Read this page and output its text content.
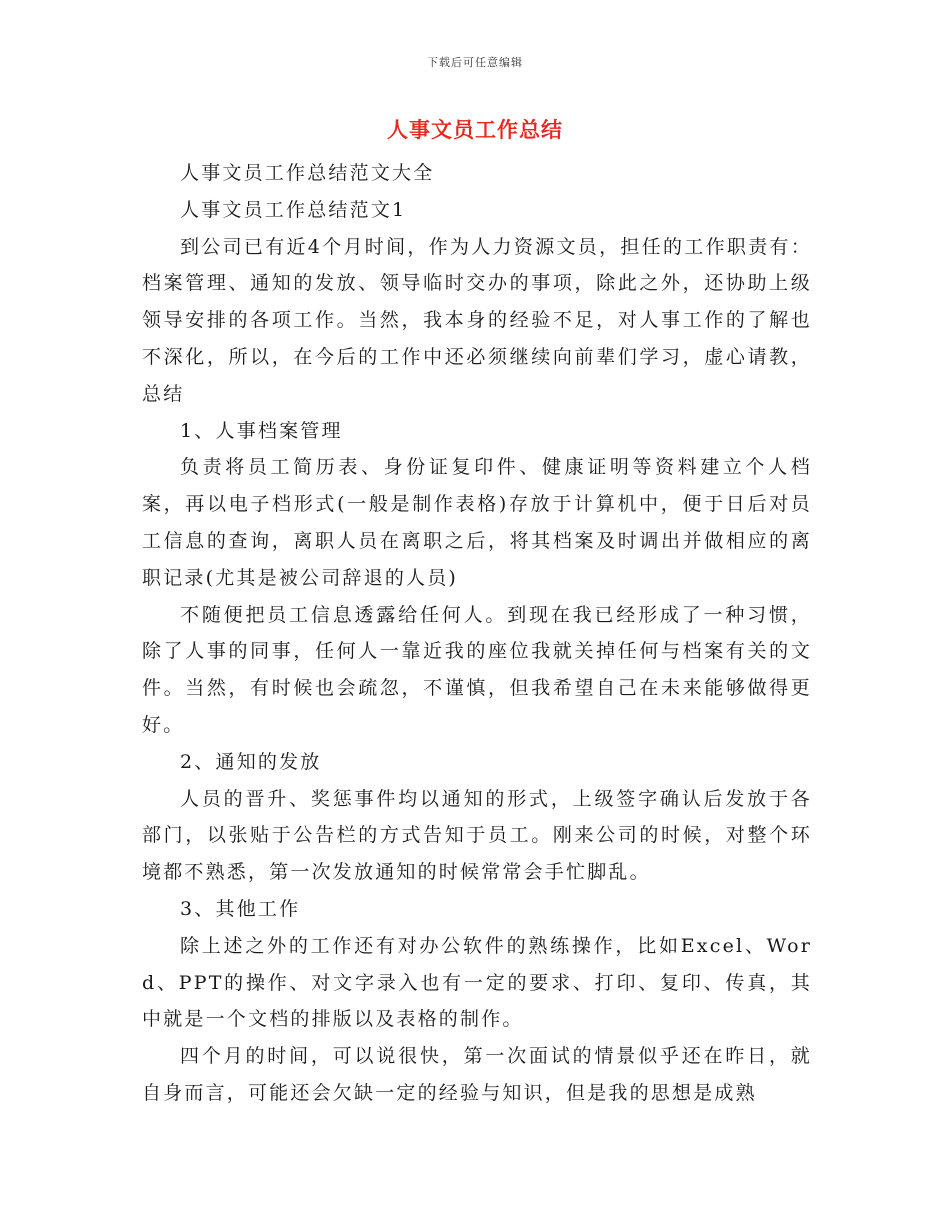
下载后可任意编辑
人事文员工作总结

人事文员工作总结范文大全

人事文员工作总结范文1

到公司已有近4个月时间，作为人力资源文员，担任的工作职责有：档案管理、通知的发放、领导临时交办的事项，除此之外，还协助上级领导安排的各项工作。当然，我本身的经验不足，对人事工作的了解也不深化，所以，在今后的工作中还必须继续向前辈们学习，虚心请教，总结

1、人事档案管理

负责将员工简历表、身份证复印件、健康证明等资料建立个人档案，再以电子档形式(一般是制作表格)存放于计算机中，便于日后对员工信息的查询，离职人员在离职之后，将其档案及时调出并做相应的离职记录(尤其是被公司辞退的人员)

不随便把员工信息透露给任何人。到现在我已经形成了一种习惯，除了人事的同事，任何人一靠近我的座位我就关掉任何与档案有关的文件。当然，有时候也会疏忽，不谨慎，但我希望自己在未来能够做得更好。

2、通知的发放

人员的晋升、奖惩事件均以通知的形式，上级签字确认后发放于各部门，以张贴于公告栏的方式告知于员工。刚来公司的时候，对整个环境都不熟悉，第一次发放通知的时候常常会手忙脚乱。

3、其他工作

除上述之外的工作还有对办公软件的熟练操作，比如Excel、Word、PPT的操作、对文字录入也有一定的要求、打印、复印、传真，其中就是一个文档的排版以及表格的制作。

四个月的时间，可以说很快，第一次面试的情景似乎还在昨日，就自身而言，可能还会欠缺一定的经验与知识，但是我的思想是成熟
